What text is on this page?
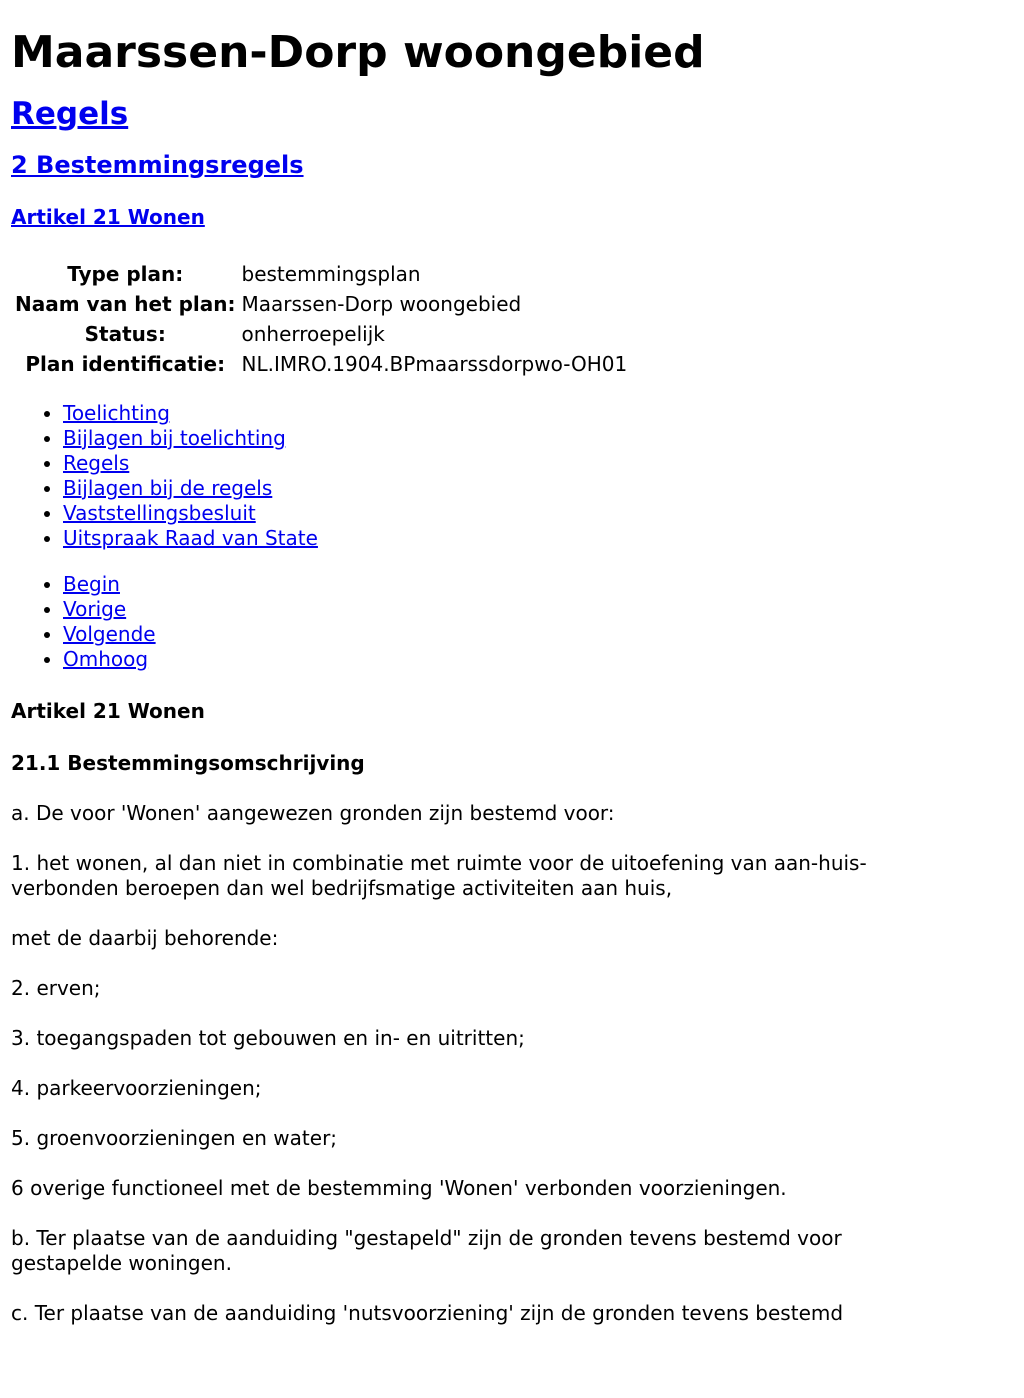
Maarssen-Dorp woongebied
Regels
2 Bestemmingsregels
Artikel 21 Wonen
Type plan:	bestemmingsplan
Naam van het plan:	Maarssen-Dorp woongebied
Status:	onherroepelijk
Plan identificatie:	NL.IMRO.1904.BPmaarssdorpwo-OH01
• Toelichting
• Bijlagen bij toelichting
• Regels
• Bijlagen bij de regels
• Vaststellingsbesluit
• Uitspraak Raad van State
• Begin
• Vorige
• Volgende
• Omhoog

Artikel 21 Wonen

21.1 Bestemmingsomschrijving

a. De voor 'Wonen' aangewezen gronden zijn bestemd voor:

1. het wonen, al dan niet in combinatie met ruimte voor de uitoefening van aan-huis-verbonden beroepen dan wel bedrijfsmatige activiteiten aan huis,

met de daarbij behorende:

2. erven;

3. toegangspaden tot gebouwen en in- en uitritten;

4. parkeervoorzieningen;

5. groenvoorzieningen en water;

6 overige functioneel met de bestemming 'Wonen' verbonden voorzieningen.

b. Ter plaatse van de aanduiding "gestapeld" zijn de gronden tevens bestemd voor gestapelde woningen.

c. Ter plaatse van de aanduiding 'nutsvoorziening' zijn de gronden tevens bestemd
